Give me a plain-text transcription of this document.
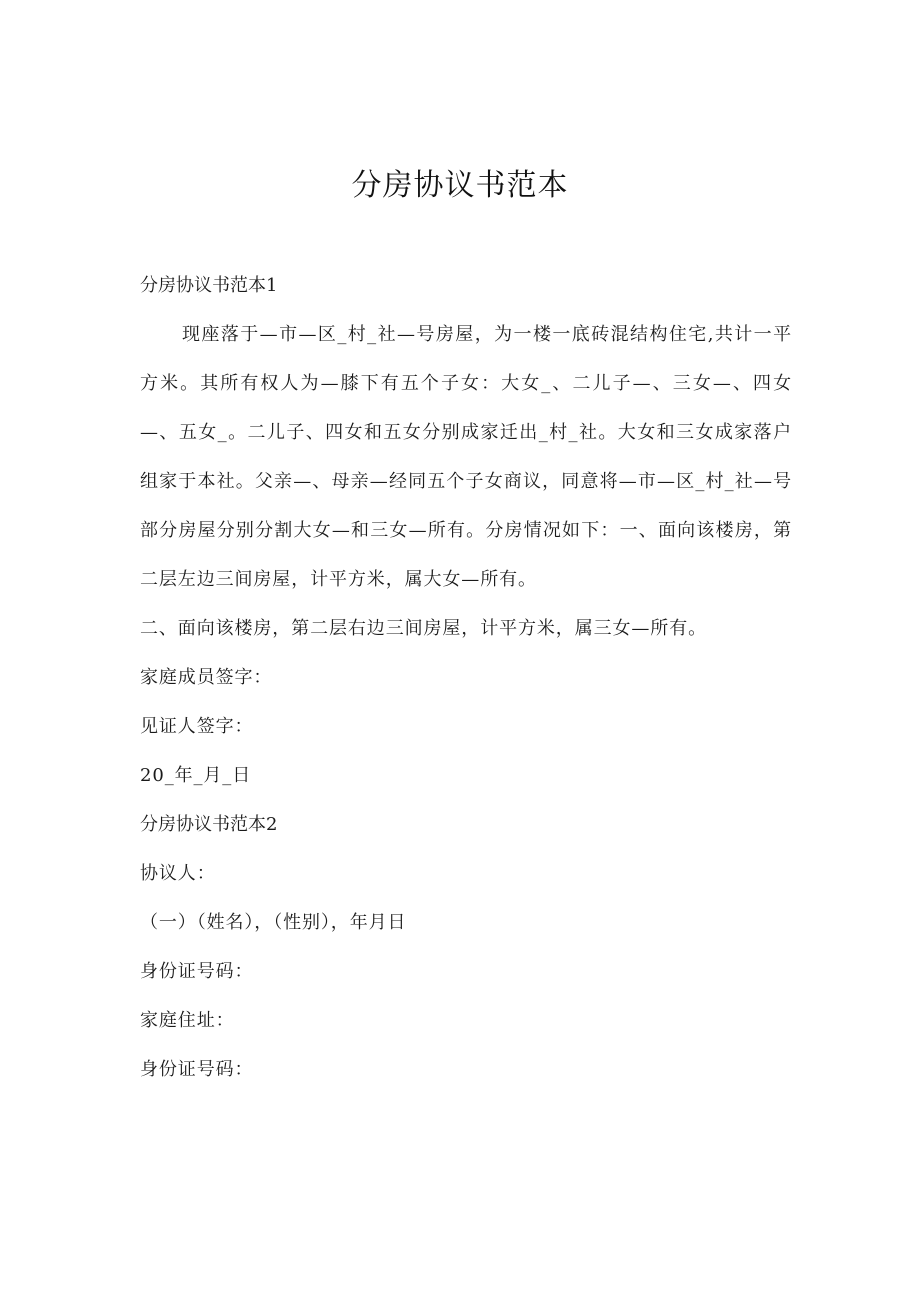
分房协议书范本

分房协议书范本1

现座落于—市—区_村_社—号房屋，为一楼一底砖混结构住宅,共计一平方米。其所有权人为—膝下有五个子女：大女_、二儿子—、三女—、四女—、五女_。二儿子、四女和五女分别成家迁出_村_社。大女和三女成家落户组家于本社。父亲—、母亲—经同五个子女商议，同意将—市—区_村_社—号部分房屋分别分割大女—和三女—所有。分房情况如下：一、面向该楼房，第二层左边三间房屋，计平方米，属大女—所有。

二、面向该楼房，第二层右边三间房屋，计平方米，属三女—所有。

家庭成员签字：

见证人签字：

20_年_月_日

分房协议书范本2

协议人：

（一）（姓名），（性别），年月日

身份证号码：

家庭住址：

身份证号码：
